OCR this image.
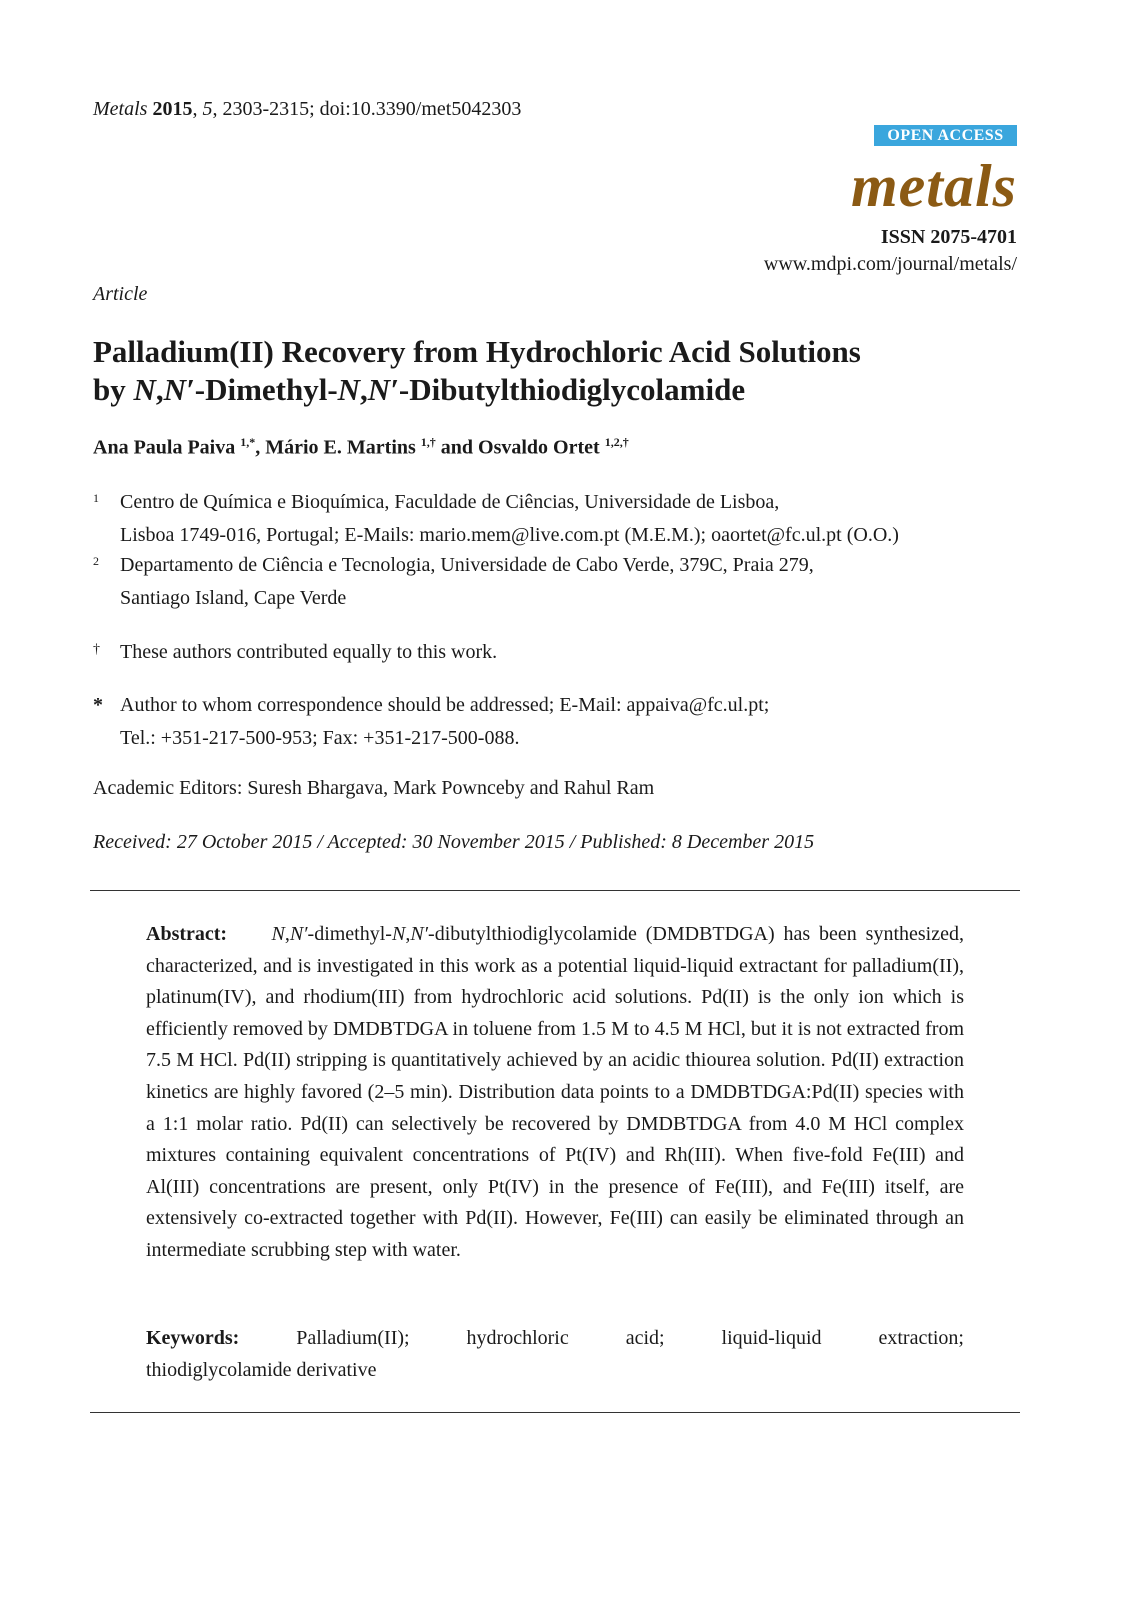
Metals 2015, 5, 2303-2315; doi:10.3390/met5042303
OPEN ACCESS
metals
ISSN 2075-4701
www.mdpi.com/journal/metals/
Article
Palladium(II) Recovery from Hydrochloric Acid Solutions
by N,N′-Dimethyl-N,N′-Dibutylthiodiglycolamide
Ana Paula Paiva $^{1,*}$, Mário E. Martins $^{1,\dagger}$ and Osvaldo Ortet $^{1,2,\dagger}$
1 Centro de Química e Bioquímica, Faculdade de Ciências, Universidade de Lisboa,
Lisboa 1749-016, Portugal; E-Mails: mario.mem@live.com.pt (M.E.M.); oaortet@fc.ul.pt (O.O.)
2 Departamento de Ciência e Tecnologia, Universidade de Cabo Verde, 379C, Praia 279,
Santiago Island, Cape Verde
† These authors contributed equally to this work.
* Author to whom correspondence should be addressed; E-Mail: appaiva@fc.ul.pt;
Tel.: +351-217-500-953; Fax: +351-217-500-088.
Academic Editors: Suresh Bhargava, Mark Pownceby and Rahul Ram
Received: 27 October 2015 / Accepted: 30 November 2015 / Published: 8 December 2015
Abstract: N,N′-dimethyl-N,N′-dibutylthiodiglycolamide (DMDBTDGA) has been synthesized, characterized, and is investigated in this work as a potential liquid-liquid extractant for palladium(II), platinum(IV), and rhodium(III) from hydrochloric acid solutions. Pd(II) is the only ion which is efficiently removed by DMDBTDGA in toluene from 1.5 M to 4.5 M HCl, but it is not extracted from 7.5 M HCl. Pd(II) stripping is quantitatively achieved by an acidic thiourea solution. Pd(II) extraction kinetics are highly favored (2–5 min). Distribution data points to a DMDBTDGA:Pd(II) species with a 1:1 molar ratio. Pd(II) can selectively be recovered by DMDBTDGA from 4.0 M HCl complex mixtures containing equivalent concentrations of Pt(IV) and Rh(III). When five-fold Fe(III) and Al(III) concentrations are present, only Pt(IV) in the presence of Fe(III), and Fe(III) itself, are extensively co-extracted together with Pd(II). However, Fe(III) can easily be eliminated through an intermediate scrubbing step with water.
Keywords:	Palladium(II);	hydrochloric	acid;	liquid-liquid	extraction;
thiodiglycolamide derivative
